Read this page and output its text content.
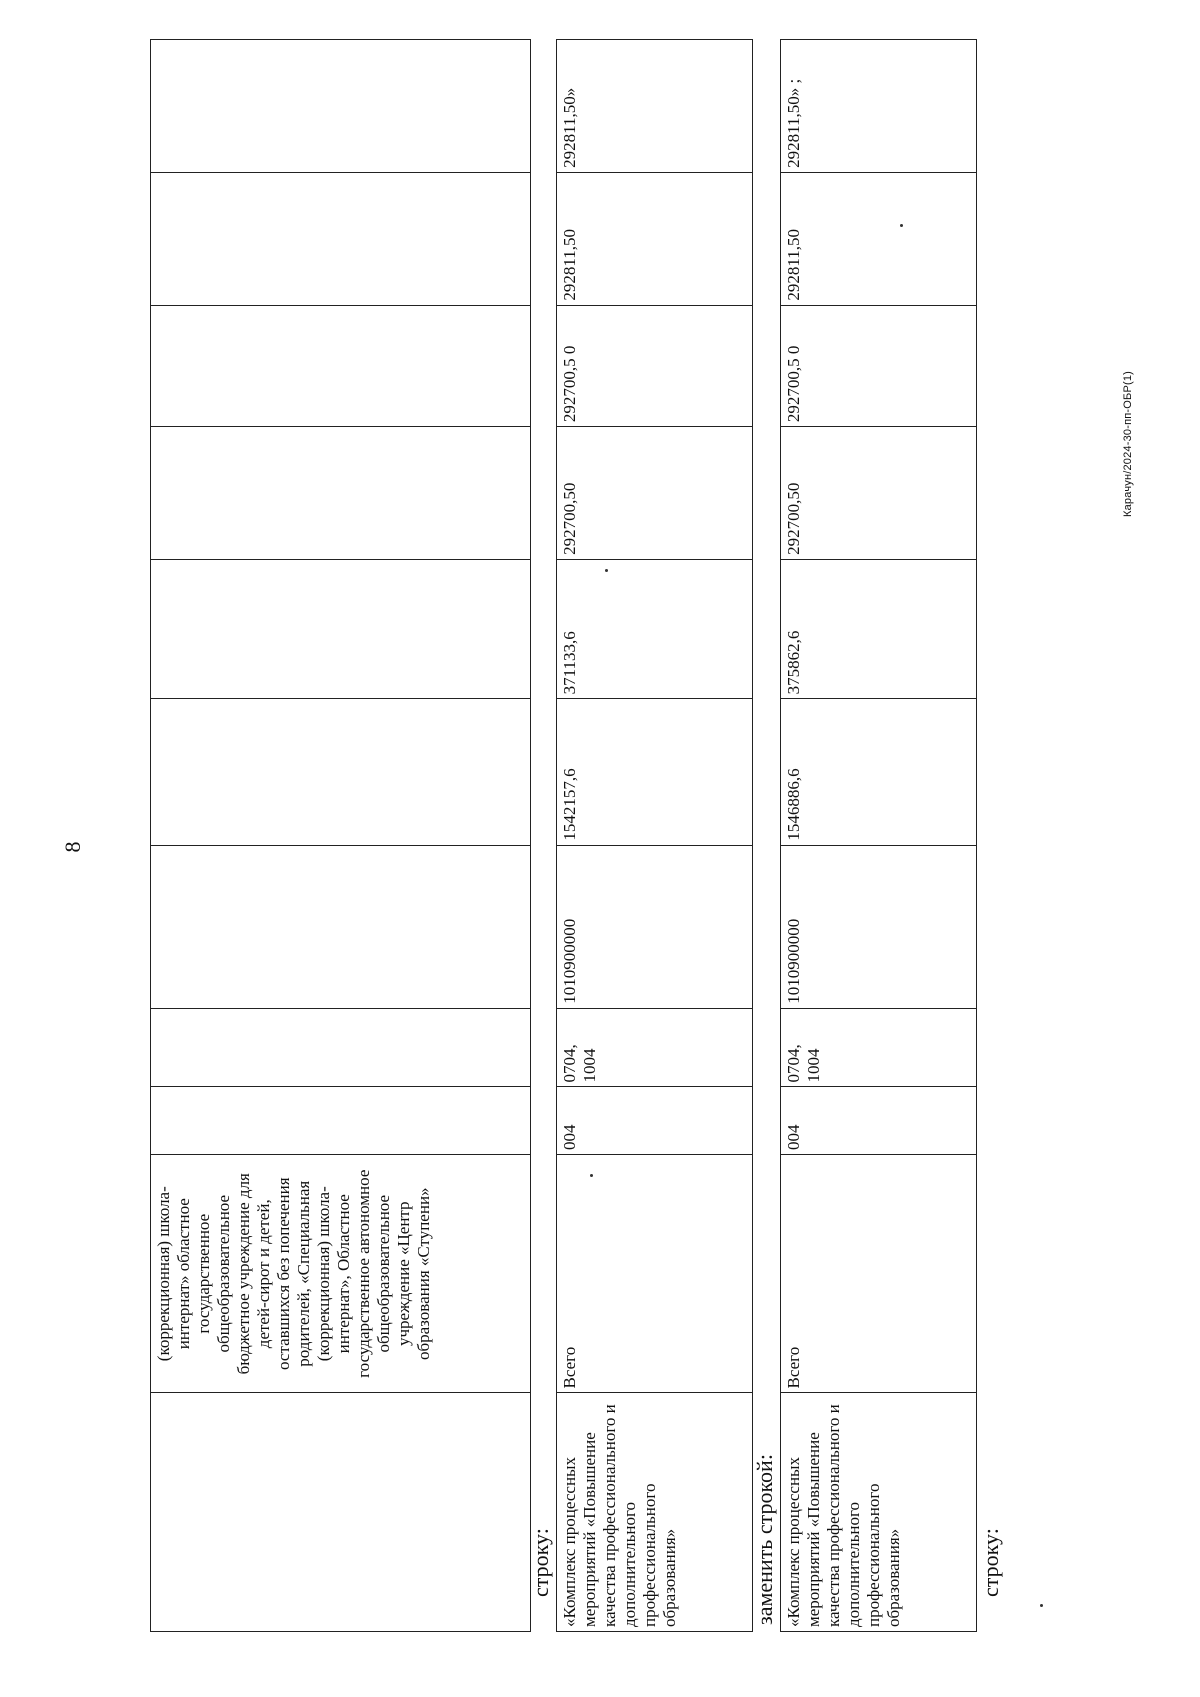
8
	(коррекционная) школа-интернат» областное государственное общеобразовательное бюджетное учреждение для детей-сирот и детей, оставшихся без попечения родителей, «Специальная (коррекционная) школа-интернат», Областное государственное автономное общеобразовательное учреждение «Центр образования «Ступени»									
строку: «Комплекс процессных мероприятий «Повышение качества профессионального и дополнительного профессионального образования»	Всего	004	0704, 1004	1010900000	1542157,6	371133,6	292700,50	292700,5 0	292811,50	292811,50»
заменить строкой: «Комплекс процессных мероприятий «Повышение качества профессионального и дополнительного профессионального образования»	Всего	004	0704, 1004	1010900000	1546886,6	375862,6	292700,50	292700,5 0	292811,50	292811,50» ;
строку:
Карачун/2024-30-пп-ОБР(1)
